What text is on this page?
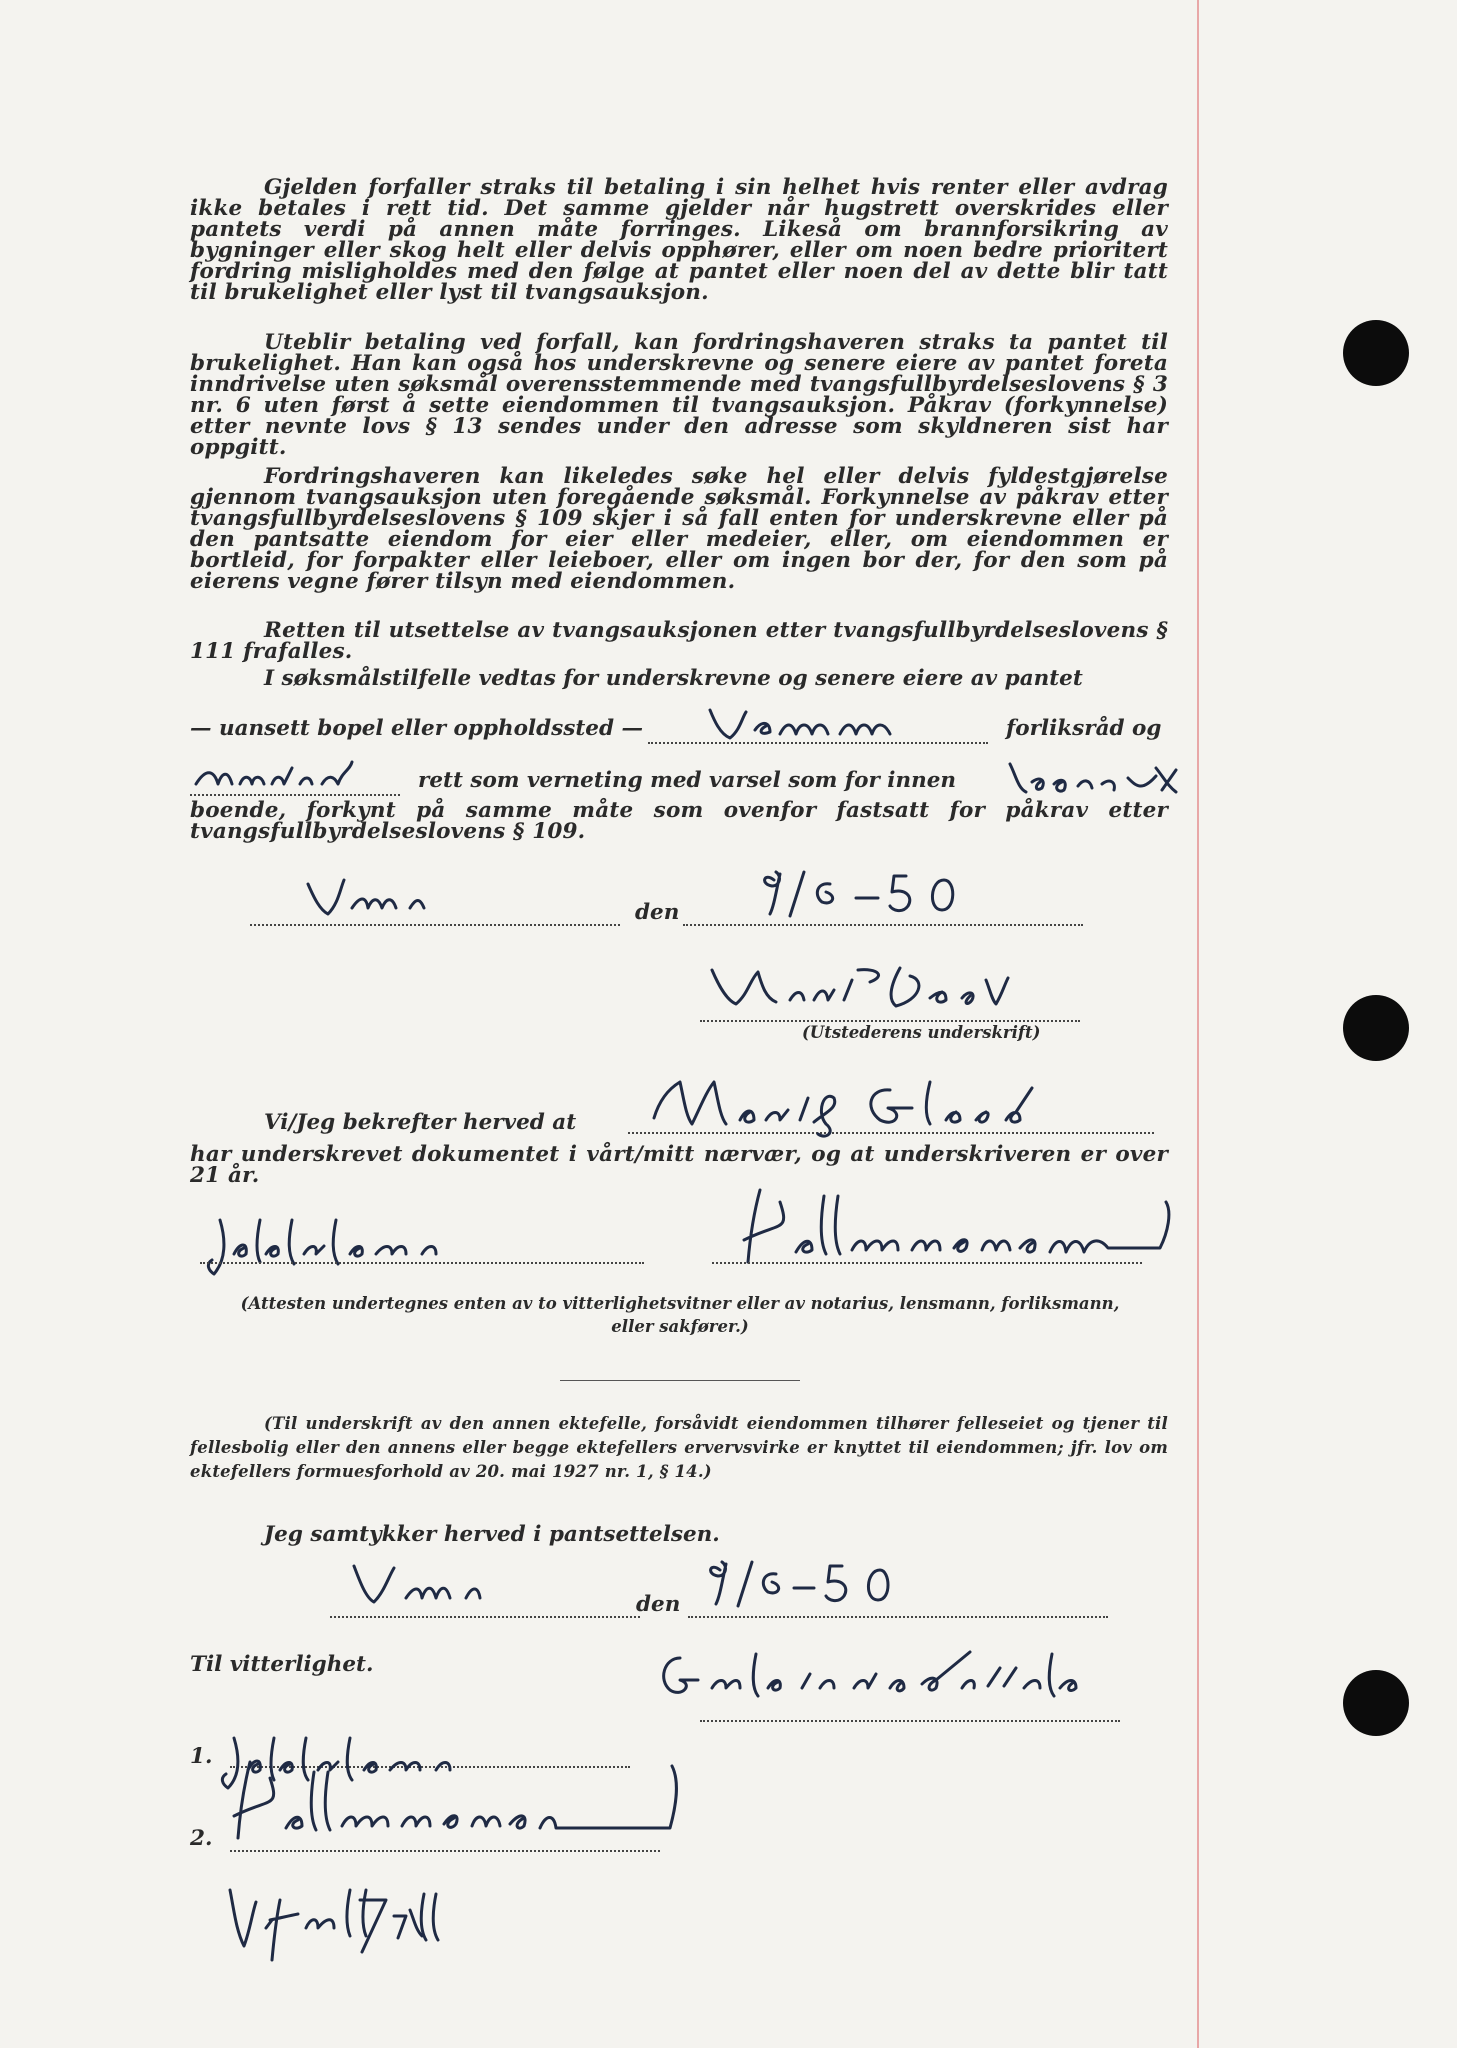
Gjelden forfaller straks til betaling i sin helhet hvis renter eller avdrag ikke betales i rett tid. Det samme gjelder når hugstrett overskrides eller pantets verdi på annen måte forringes. Likeså om brannforsikring av bygninger eller skog helt eller delvis opphører, eller om noen bedre prioritert fordring misligholdes med den følge at pantet eller noen del av dette blir tatt til brukelighet eller lyst til tvangsauksjon.

Uteblir betaling ved forfall, kan fordringshaveren straks ta pantet til brukelighet. Han kan også hos underskrevne og senere eiere av pantet foreta inndrivelse uten søksmål overensstemmende med tvangsfullbyrdelseslovens § 3 nr. 6 uten først å sette eiendommen til tvangsauksjon. Påkrav (forkynnelse) etter nevnte lovs § 13 sendes under den adresse som skyldneren sist har oppgitt.

Fordringshaveren kan likeledes søke hel eller delvis fyldestgjørelse gjennom tvangsauksjon uten foregående søksmål. Forkynnelse av påkrav etter tvangsfullbyrdelseslovens § 109 skjer i så fall enten for underskrevne eller på den pantsatte eiendom for eier eller medeier, eller, om eiendommen er bortleid, for forpakter eller leieboer, eller om ingen bor der, for den som på eierens vegne fører tilsyn med eiendommen.

Retten til utsettelse av tvangsauksjonen etter tvangsfullbyrdelseslovens § 111 frafalles.

I søksmålstilfelle vedtas for underskrevne og senere eiere av pantet

— uansett bopel eller oppholdssted —	forliksråd og

rett som verneting med varsel som for innen

boende, forkynt på samme måte som ovenfor fastsatt for påkrav etter tvangsfullbyrdelseslovens § 109.

den

(Utstederens underskrift)

Vi/Jeg bekrefter herved at

har underskrevet dokumentet i vårt/mitt nærvær, og at underskriveren er over 21 år.

(Attesten undertegnes enten av to vitterlighetsvitner eller av notarius, lensmann, forliksmann,

eller sakfører.)

(Til underskrift av den annen ektefelle, forsåvidt eiendommen tilhører felleseiet og tjener til fellesbolig eller den annens eller begge ektefellers ervervsvirke er knyttet til eiendommen; jfr. lov om ektefellers formuesforhold av 20. mai 1927 nr. 1, § 14.)

Jeg samtykker herved i pantsettelsen.

den

Til vitterlighet.

1.

2.
